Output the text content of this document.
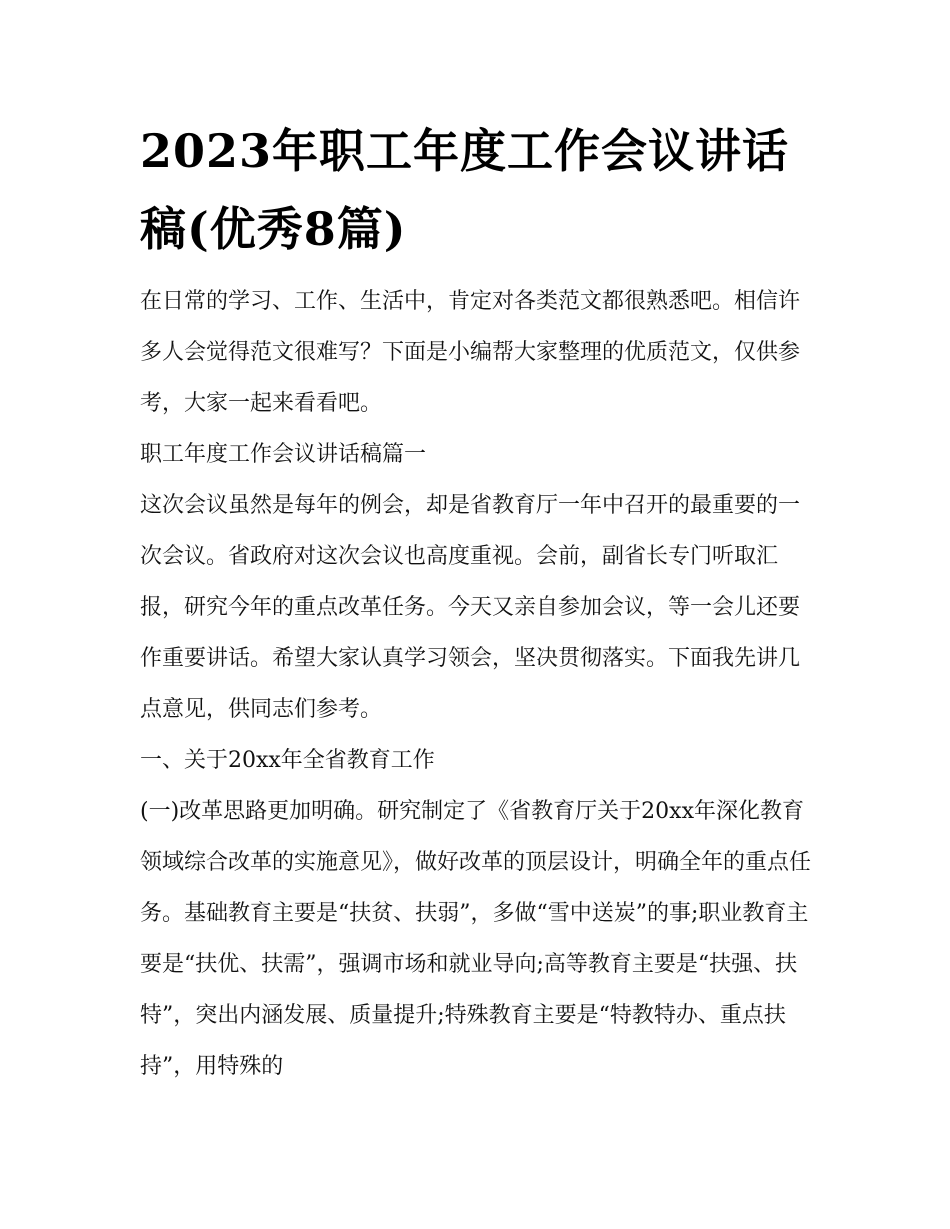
2023年职工年度工作会议讲话稿(优秀8篇)

在日常的学习、工作、生活中，肯定对各类范文都很熟悉吧。相信许多人会觉得范文很难写？下面是小编帮大家整理的优质范文，仅供参考，大家一起来看看吧。

职工年度工作会议讲话稿篇一

这次会议虽然是每年的例会，却是省教育厅一年中召开的最重要的一次会议。省政府对这次会议也高度重视。会前，副省长专门听取汇报，研究今年的重点改革任务。今天又亲自参加会议，等一会儿还要作重要讲话。希望大家认真学习领会，坚决贯彻落实。下面我先讲几点意见，供同志们参考。

一、关于20xx年全省教育工作

(一)改革思路更加明确。研究制定了《省教育厅关于20xx年深化教育领域综合改革的实施意见》，做好改革的顶层设计，明确全年的重点任务。基础教育主要是“扶贫、扶弱”，多做“雪中送炭”的事;职业教育主要是“扶优、扶需”，强调市场和就业导向;高等教育主要是“扶强、扶特”，突出内涵发展、质量提升;特殊教育主要是“特教特办、重点扶持”，用特殊的
